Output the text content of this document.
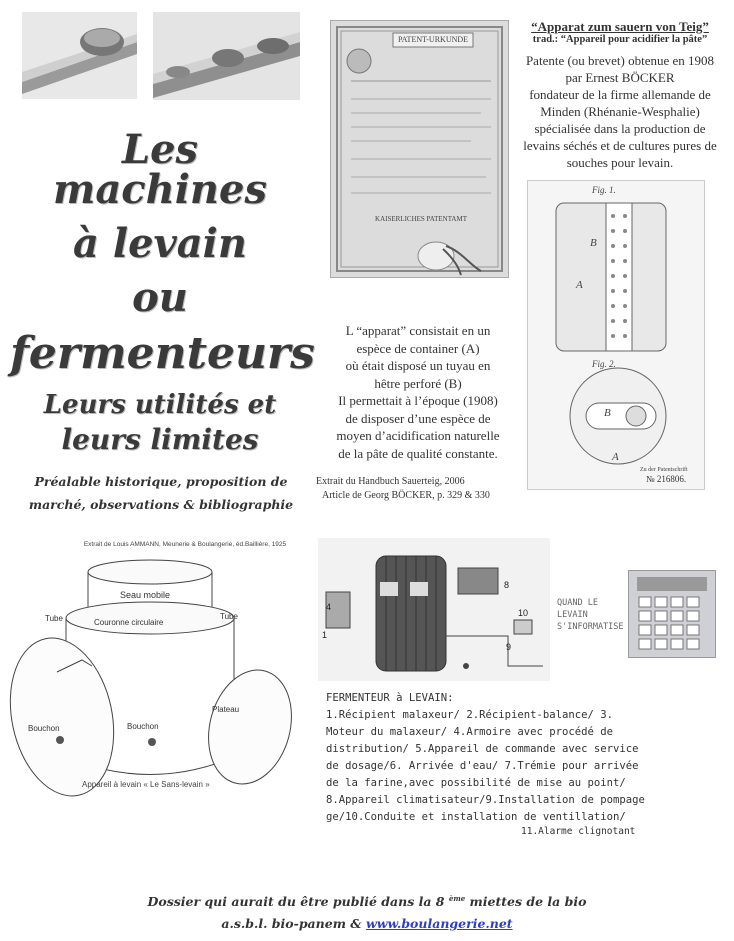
Les machines
à levain
ou
fermenteurs
Leurs utilités et
leurs limites
Préalable historique, proposition de
marché, observations & bibliographie
PATENT-URKUNDE
KAISERLICHES PATENTAMT
“Apparat zum sauern von Teig”
trad.: “Appareil pour acidifier la pâte”
Patente (ou brevet) obtenue en 1908
par Ernest BÖCKER
fondateur de la firme allemande de
Minden (Rhénanie-Wesphalie)
spécialisée dans la production de
levains séchés et de cultures pures de
souches pour levain.
L “apparat” consistait en un
espèce de container (A)
où était disposé un tuyau en
hêtre perforé (B)
Il permettait à l’époque (1908)
de disposer d’une espèce de
moyen d’acidification naturelle
de la pâte de qualité constante.
Extrait du Handbuch Sauerteig, 2006
Article de Georg BÖCKER, p. 329 & 330
Fig. 1.
Fig. 2.
B
A
B
A
Zu der Patentschrift
№ 216806.
Extrait de Louis AMMANN, Meunerie & Boulangerie, éd.Baillière, 1925
Seau mobile
Couronne circulaire
Tube	Tube
Bouchon	Bouchon
Plateau
Appareil à levain « Le Sans-levain »
1
4
8
9
10
QUAND LE
LEVAIN
S'INFORMATISE
FERMENTEUR à LEVAIN:
1.Récipient malaxeur/ 2.Récipient-balance/ 3.
Moteur du malaxeur/ 4.Armoire avec procédé de
distribution/ 5.Appareil de commande avec service
de dosage/6. Arrivée d'eau/ 7.Trémie pour arrivée
de la farine,avec possibilité de mise au point/
8.Appareil climatisateur/9.Installation de pompage
ge/10.Conduite et installation de ventillation/
11.Alarme clignotant
Dossier qui aurait du être publié dans la 8 $^{ème}$ miettes de la bio
a.s.b.l. bio-panem & www.boulangerie.net
